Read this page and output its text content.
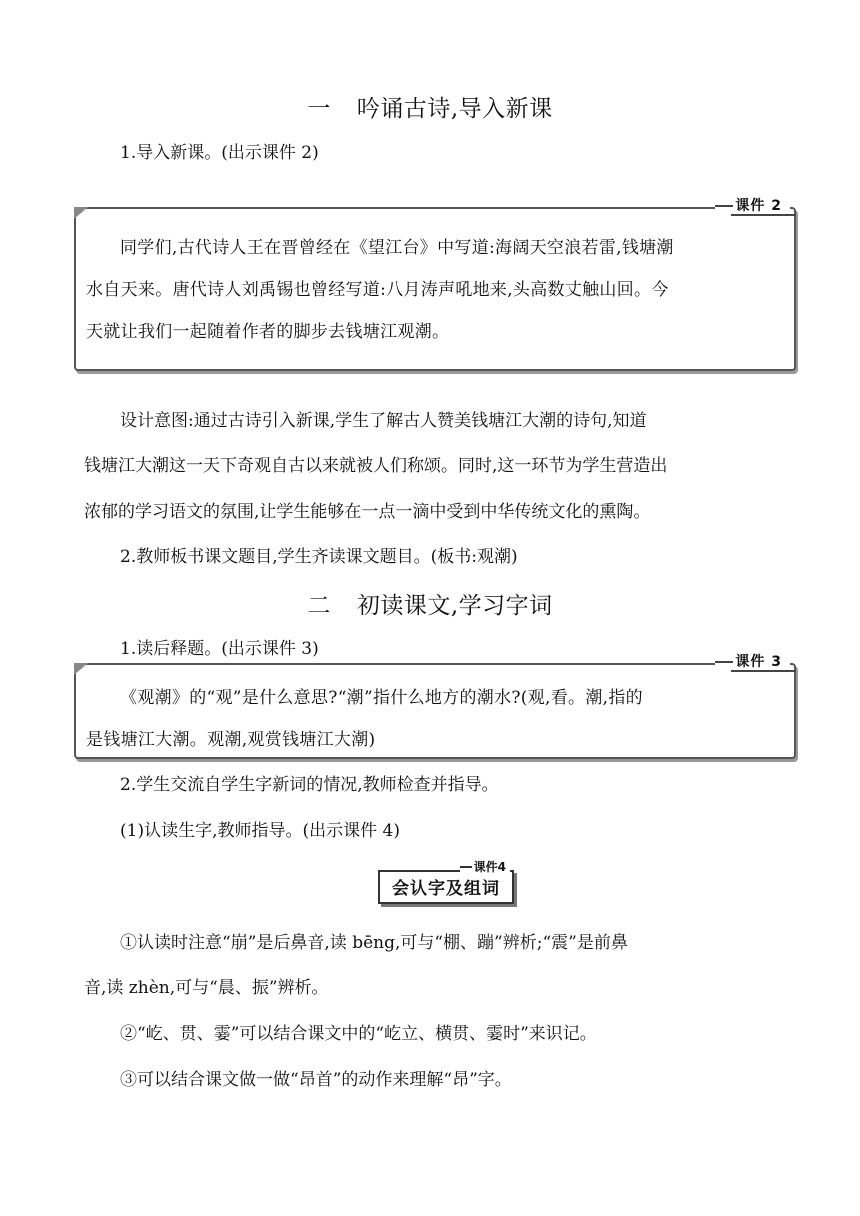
一 吟诵古诗,导入新课
1.导入新课。(出示课件 2)
课件 2
同学们,古代诗人王在晋曾经在《望江台》中写道:海阔天空浪若雷,钱塘潮
水自天来。唐代诗人刘禹锡也曾经写道:八月涛声吼地来,头高数丈触山回。今
天就让我们一起随着作者的脚步去钱塘江观潮。
设计意图:通过古诗引入新课,学生了解古人赞美钱塘江大潮的诗句,知道
钱塘江大潮这一天下奇观自古以来就被人们称颂。同时,这一环节为学生营造出
浓郁的学习语文的氛围,让学生能够在一点一滴中受到中华传统文化的熏陶。
2.教师板书课文题目,学生齐读课文题目。(板书:观潮)
二 初读课文,学习字词
1.读后释题。(出示课件 3)
课件 3
《观潮》的“观”是什么意思?“潮”指什么地方的潮水?(观,看。潮,指的
是钱塘江大潮。观潮,观赏钱塘江大潮)
2.学生交流自学生字新词的情况,教师检查并指导。
(1)认读生字,教师指导。(出示课件 4)
会认字及组词
课件4
①认读时注意“崩”是后鼻音,读 bēng,可与“棚、蹦”辨析;“震”是前鼻
音,读 zhèn,可与“晨、振”辨析。
②“屹、贯、霎”可以结合课文中的“屹立、横贯、霎时”来识记。
③可以结合课文做一做“昂首”的动作来理解“昂”字。
